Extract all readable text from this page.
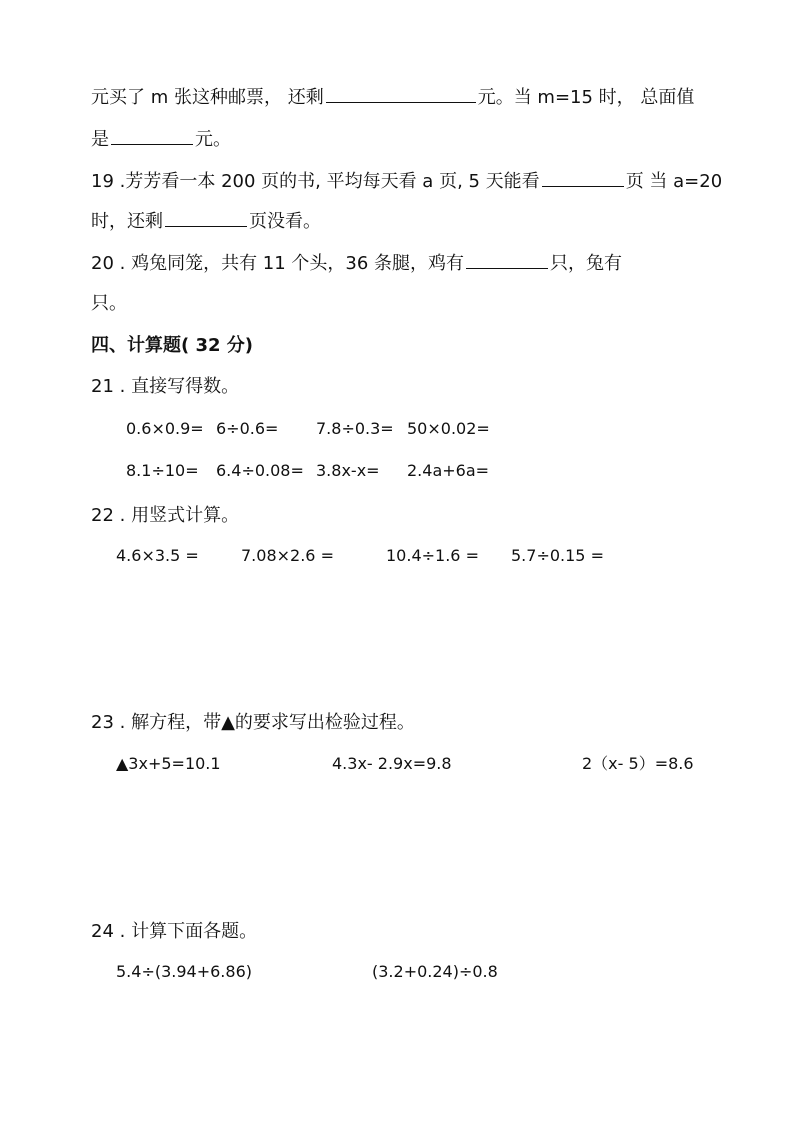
元买了 m 张这种邮票， 还剩	元。当 m=15 时， 总面值
是	元。
19 .芳芳看一本 200 页的书, 平均每天看 a 页, 5 天能看	页 当 a=20
时，还剩	页没看。
20 . 鸡兔同笼，共有 11 个头，36 条腿，鸡有	只，兔有
只。
四、计算题( 32 分)
21 . 直接写得数。
0.6×0.9= 6÷0.6= 7.8÷0.3= 50×0.02=
8.1÷10= 6.4÷0.08= 3.8x-x= 2.4a+6a=
22 . 用竖式计算。
4.6×3.5 =	7.08×2.6 =	10.4÷1.6 = 5.7÷0.15 =
23 . 解方程，带▲的要求写出检验过程。
▲3x+5=10.1	4.3x- 2.9x=9.8	2（x- 5）=8.6
24 . 计算下面各题。
5.4÷(3.94+6.86)	(3.2+0.24)÷0.8
